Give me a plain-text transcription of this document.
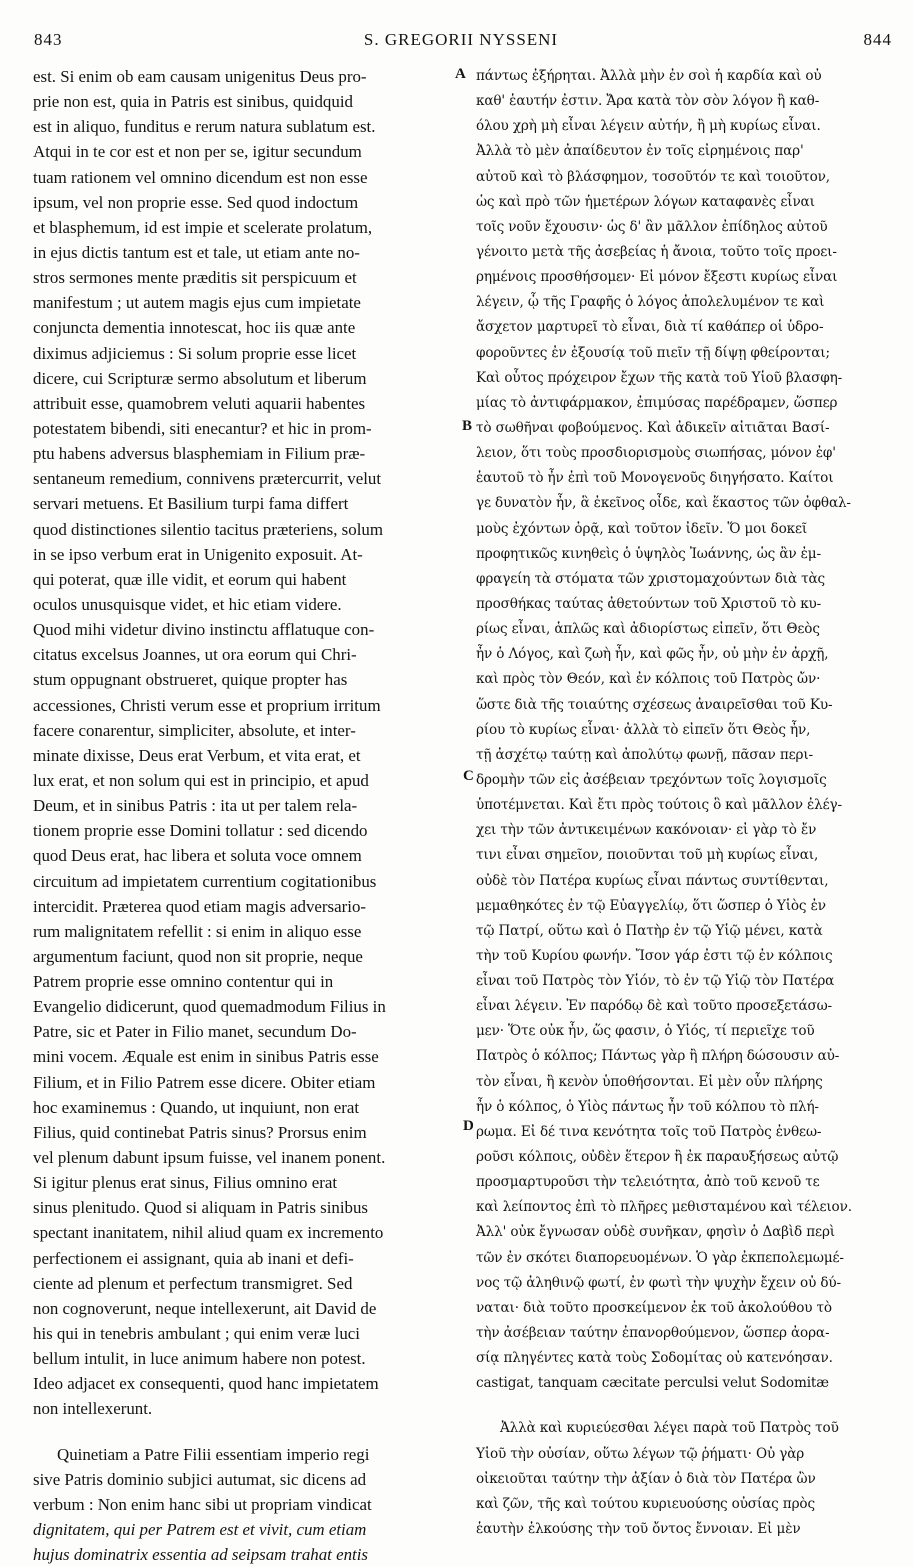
843	S. GREGORII NYSSENI	844
est. Si enim ob eam causam unigenitus Deus pro-
prie non est, quia in Patris est sinibus, quidquid
est in aliquo, funditus e rerum natura sublatum est.
Atqui in te cor est et non per se, igitur secundum
tuam rationem vel omnino dicendum est non esse
ipsum, vel non proprie esse. Sed quod indoctum
et blasphemum, id est impie et scelerate prolatum,
in ejus dictis tantum est et tale, ut etiam ante no-
stros sermones mente præditis sit perspicuum et
manifestum ; ut autem magis ejus cum impietate
conjuncta dementia innotescat, hoc iis quæ ante
diximus adjiciemus : Si solum proprie esse licet
dicere, cui Scripturæ sermo absolutum et liberum
attribuit esse, quamobrem veluti aquarii habentes
potestatem bibendi, siti enecantur? et hic in prom-
ptu habens adversus blasphemiam in Filium præ-
sentaneum remedium, connivens prætercurrit, velut
servari metuens. Et Basilium turpi fama differt
quod distinctiones silentio tacitus præteriens, solum
in se ipso verbum erat in Unigenito exposuit. At-
qui poterat, quæ ille vidit, et eorum qui habent
oculos unusquisque videt, et hic etiam videre.
Quod mihi videtur divino instinctu afflatuque con-
citatus excelsus Joannes, ut ora eorum qui Chri-
stum oppugnant obstrueret, quique propter has
accessiones, Christi verum esse et proprium irritum
facere conarentur, simpliciter, absolute, et inter-
minate dixisse, Deus erat Verbum, et vita erat, et
lux erat, et non solum qui est in principio, et apud
Deum, et in sinibus Patris : ita ut per talem rela-
tionem proprie esse Domini tollatur : sed dicendo
quod Deus erat, hac libera et soluta voce omnem
circuitum ad impietatem currentium cogitationibus
intercidit. Præterea quod etiam magis adversario-
rum malignitatem refellit : si enim in aliquo esse
argumentum faciunt, quod non sit proprie, neque
Patrem proprie esse omnino contentur qui in
Evangelio didicerunt, quod quemadmodum Filius in
Patre, sic et Pater in Filio manet, secundum Do-
mini vocem. Æquale est enim in sinibus Patris esse
Filium, et in Filio Patrem esse dicere. Obiter etiam
hoc examinemus : Quando, ut inquiunt, non erat
Filius, quid continebat Patris sinus? Prorsus enim
vel plenum dabunt ipsum fuisse, vel inanem ponent.
Si igitur plenus erat sinus, Filius omnino erat
sinus plenitudo. Quod si aliquam in Patris sinibus
spectant inanitatem, nihil aliud quam ex incremento
perfectionem ei assignant, quia ab inani et defi-
ciente ad plenum et perfectum transmigret. Sed
non cognoverunt, neque intellexerunt, ait David de
his qui in tenebris ambulant ; qui enim veræ luci
bellum intulit, in luce animum habere non potest.
Ideo adjacet ex consequenti, quod hanc impietatem
non intellexerunt.
Quinetiam a Patre Filii essentiam imperio regi
sive Patris dominio subjici autumat, sic dicens ad
verbum : Non enim hanc sibi ut propriam vindicat
dignitatem, qui per Patrem est et vivit, cum etiam
hujus dominatrix essentia ad seipsam trahat entis
πάντως ἐξήρηται. Ἀλλὰ μὴν ἐν σοὶ ἡ καρδία καὶ οὐ
καθ' ἑαυτήν ἐστιν. Ἄρα κατὰ τὸν σὸν λόγον ἢ καθ-
όλου χρὴ μὴ εἶναι λέγειν αὐτήν, ἢ μὴ κυρίως εἶναι.
Ἀλλὰ τὸ μὲν ἀπαίδευτον ἐν τοῖς εἰρημένοις παρ'
αὐτοῦ καὶ τὸ βλάσφημον, τοσοῦτόν τε καὶ τοιοῦτον,
ὡς καὶ πρὸ τῶν ἡμετέρων λόγων καταφανὲς εἶναι
τοῖς νοῦν ἔχουσιν· ὡς δ' ἂν μᾶλλον ἐπίδηλος αὐτοῦ
γένοιτο μετὰ τῆς ἀσεβείας ἡ ἄνοια, τοῦτο τοῖς προει-
ρημένοις προσθήσομεν· Εἰ μόνον ἔξεστι κυρίως εἶναι
λέγειν, ᾧ τῆς Γραφῆς ὁ λόγος ἀπολελυμένον τε καὶ
ἄσχετον μαρτυρεῖ τὸ εἶναι, διὰ τί καθάπερ οἱ ὑδρο-
φοροῦντες ἐν ἐξουσίᾳ τοῦ πιεῖν τῇ δίψῃ φθείρονται;
Καὶ οὗτος πρόχειρον ἔχων τῆς κατὰ τοῦ Υἱοῦ βλασφη-
μίας τὸ ἀντιφάρμακον, ἐπιμύσας παρέδραμεν, ὥσπερ
τὸ σωθῆναι φοβούμενος. Καὶ ἀδικεῖν αἰτιᾶται Βασί-
λειον, ὅτι τοὺς προσδιορισμοὺς σιωπήσας, μόνον ἐφ'
ἑαυτοῦ τὸ ἦν ἐπὶ τοῦ Μονογενοῦς διηγήσατο. Καίτοι
γε δυνατὸν ἦν, ἃ ἐκεῖνος οἶδε, καὶ ἕκαστος τῶν ὀφθαλ-
μοὺς ἐχόντων ὁρᾷ, καὶ τοῦτον ἰδεῖν. Ὅ μοι δοκεῖ
προφητικῶς κινηθεὶς ὁ ὑψηλὸς Ἰωάννης, ὡς ἂν ἐμ-
φραγείη τὰ στόματα τῶν χριστομαχούντων διὰ τὰς
προσθήκας ταύτας ἀθετούντων τοῦ Χριστοῦ τὸ κυ-
ρίως εἶναι, ἁπλῶς καὶ ἀδιορίστως εἰπεῖν, ὅτι Θεὸς
ἦν ὁ Λόγος, καὶ ζωὴ ἦν, καὶ φῶς ἦν, οὐ μὴν ἐν ἀρχῇ,
καὶ πρὸς τὸν Θεόν, καὶ ἐν κόλποις τοῦ Πατρὸς ὤν·
ὥστε διὰ τῆς τοιαύτης σχέσεως ἀναιρεῖσθαι τοῦ Κυ-
ρίου τὸ κυρίως εἶναι· ἀλλὰ τὸ εἰπεῖν ὅτι Θεὸς ἦν,
τῇ ἀσχέτῳ ταύτῃ καὶ ἀπολύτῳ φωνῇ, πᾶσαν περι-
δρομὴν τῶν εἰς ἀσέβειαν τρεχόντων τοῖς λογισμοῖς
ὑποτέμνεται. Καὶ ἔτι πρὸς τούτοις ὃ καὶ μᾶλλον ἐλέγ-
χει τὴν τῶν ἀντικειμένων κακόνοιαν· εἰ γὰρ τὸ ἔν
τινι εἶναι σημεῖον, ποιοῦνται τοῦ μὴ κυρίως εἶναι,
οὐδὲ τὸν Πατέρα κυρίως εἶναι πάντως συντίθενται,
μεμαθηκότες ἐν τῷ Εὐαγγελίῳ, ὅτι ὥσπερ ὁ Υἱὸς ἐν
τῷ Πατρί, οὕτω καὶ ὁ Πατὴρ ἐν τῷ Υἱῷ μένει, κατὰ
τὴν τοῦ Κυρίου φωνήν. Ἴσον γάρ ἐστι τῷ ἐν κόλποις
εἶναι τοῦ Πατρὸς τὸν Υἱόν, τὸ ἐν τῷ Υἱῷ τὸν Πατέρα
εἶναι λέγειν. Ἐν παρόδῳ δὲ καὶ τοῦτο προσεξετάσω-
μεν· Ὅτε οὐκ ἦν, ὥς φασιν, ὁ Υἱός, τί περιεῖχε τοῦ
Πατρὸς ὁ κόλπος; Πάντως γὰρ ἢ πλήρη δώσουσιν αὐ-
τὸν εἶναι, ἢ κενὸν ὑποθήσονται. Εἰ μὲν οὖν πλήρης
ἦν ὁ κόλπος, ὁ Υἱὸς πάντως ἦν τοῦ κόλπου τὸ πλή-
ρωμα. Εἰ δέ τινα κενότητα τοῖς τοῦ Πατρὸς ἐνθεω-
ροῦσι κόλποις, οὐδὲν ἕτερον ἢ ἐκ παραυξήσεως αὐτῷ
προσμαρτυροῦσι τὴν τελειότητα, ἀπὸ τοῦ κενοῦ τε
καὶ λείποντος ἐπὶ τὸ πλῆρες μεθισταμένου καὶ τέλειον.
Ἀλλ' οὐκ ἔγνωσαν οὐδὲ συνῆκαν, φησὶν ὁ Δαβὶδ περὶ
τῶν ἐν σκότει διαπορευομένων. Ὁ γὰρ ἐκπεπολεμωμέ-
νος τῷ ἀληθινῷ φωτί, ἐν φωτὶ τὴν ψυχὴν ἔχειν οὐ δύ-
ναται· διὰ τοῦτο προσκείμενον ἐκ τοῦ ἀκολούθου τὸ
τὴν ἀσέβειαν ταύτην ἐπανορθούμενον, ὥσπερ ἀορα-
σίᾳ πληγέντες κατὰ τοὺς Σοδομίτας οὐ κατενόησαν.
castigat, tanquam cæcitate perculsi velut Sodomitæ
Ἀλλὰ καὶ κυριεύεσθαι λέγει παρὰ τοῦ Πατρὸς τοῦ
Υἱοῦ τὴν οὐσίαν, οὕτω λέγων τῷ ῥήματι· Οὐ γὰρ
οἰκειοῦται ταύτην τὴν ἀξίαν ὁ διὰ τὸν Πατέρα ὢν
καὶ ζῶν, τῆς καὶ τούτου κυριευούσης οὐσίας πρὸς
ἑαυτὴν ἑλκούσης τὴν τοῦ ὄντος ἔννοιαν. Εἰ μὲν
A
B
C
D
